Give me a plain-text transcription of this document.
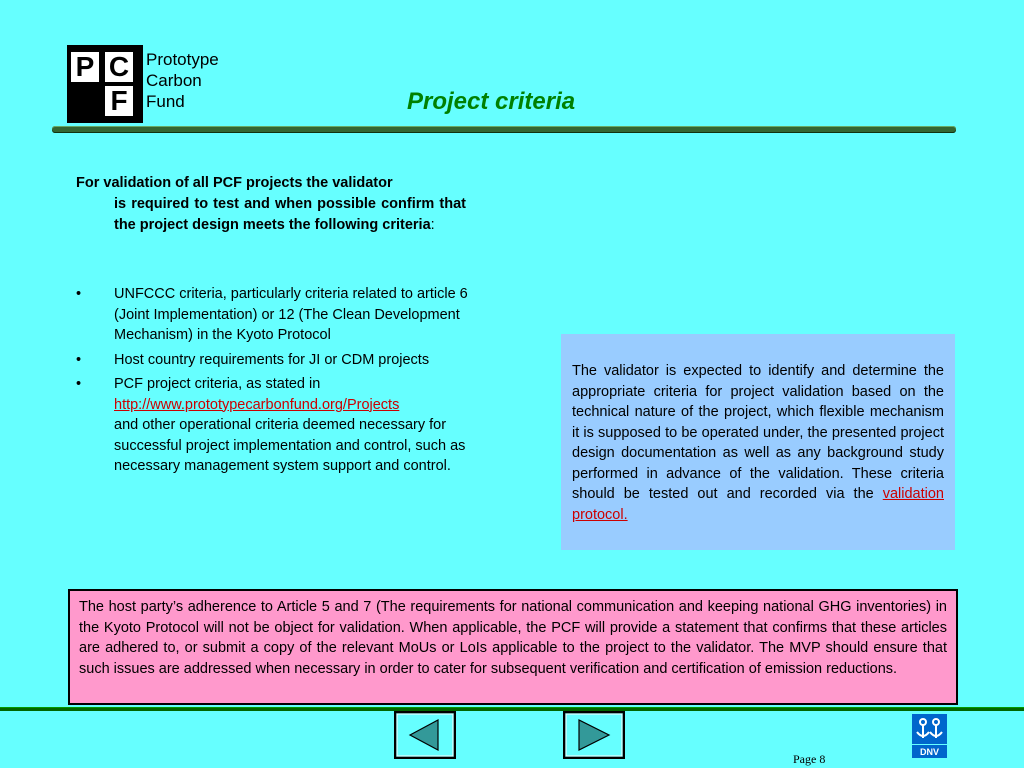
P C
F
Prototype
Carbon
Fund	Project criteria
For validation of all PCF projects the validator
is required to test and when possible confirm that the project design meets the following criteria:
• UNFCCC criteria, particularly criteria related to article 6 (Joint Implementation) or 12 (The Clean Development Mechanism) in the Kyoto Protocol
• Host country requirements for JI or CDM projects
• PCF project criteria, as stated in
http://www.prototypecarbonfund.org/Projects
and other operational criteria deemed necessary for successful project implementation and control, such as necessary management system support and control.
The validator is expected to identify and determine the appropriate criteria for project validation based on the technical nature of the project, which flexible mechanism it is supposed to be operated under, the presented project design documentation as well as any background study performed in advance of the validation. These criteria should be tested out and recorded via the validation protocol.
The host party’s adherence to Article 5 and 7 (The requirements for national communication and keeping national GHG inventories) in the Kyoto Protocol will not be object for validation. When applicable, the PCF will provide a statement that confirms that these articles are adhered to, or submit a copy of the relevant MoUs or LoIs applicable to the project to the validator. The MVP should ensure that such issues are addressed when necessary in order to cater for subsequent verification and certification of emission reductions.
DNV
Page 8
